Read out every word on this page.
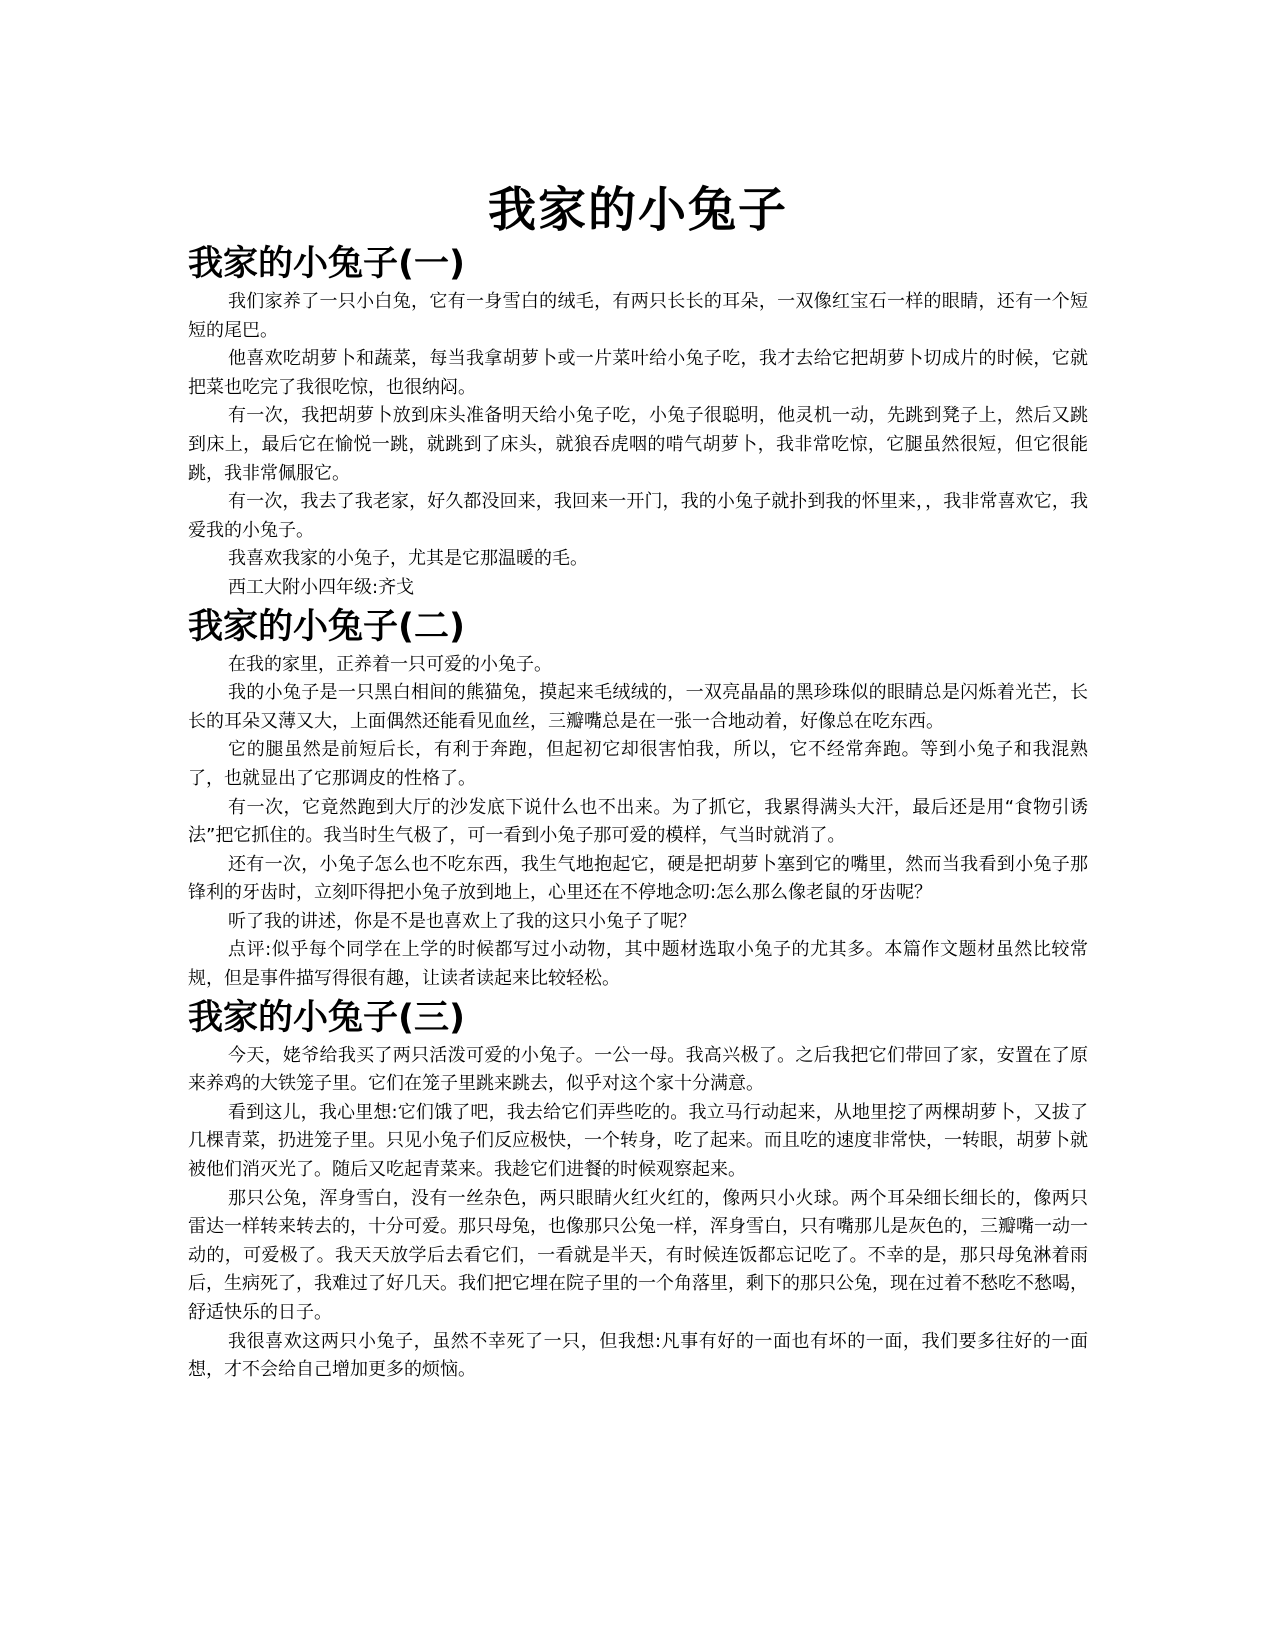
我家的小兔子
我家的小兔子(一)

我们家养了一只小白兔，它有一身雪白的绒毛，有两只长长的耳朵，一双像红宝石一样的眼睛，还有一个短短的尾巴。

他喜欢吃胡萝卜和蔬菜，每当我拿胡萝卜或一片菜叶给小兔子吃，我才去给它把胡萝卜切成片的时候，它就把菜也吃完了我很吃惊，也很纳闷。

有一次，我把胡萝卜放到床头准备明天给小兔子吃，小兔子很聪明，他灵机一动，先跳到凳子上，然后又跳到床上，最后它在愉悦一跳，就跳到了床头，就狼吞虎咽的啃气胡萝卜，我非常吃惊，它腿虽然很短，但它很能跳，我非常佩服它。

有一次，我去了我老家，好久都没回来，我回来一开门，我的小兔子就扑到我的怀里来，，我非常喜欢它，我爱我的小兔子。

我喜欢我家的小兔子，尤其是它那温暖的毛。

西工大附小四年级:齐戈

我家的小兔子(二)

在我的家里，正养着一只可爱的小兔子。

我的小兔子是一只黑白相间的熊猫兔，摸起来毛绒绒的，一双亮晶晶的黑珍珠似的眼睛总是闪烁着光芒，长长的耳朵又薄又大，上面偶然还能看见血丝，三瓣嘴总是在一张一合地动着，好像总在吃东西。

它的腿虽然是前短后长，有利于奔跑，但起初它却很害怕我，所以，它不经常奔跑。等到小兔子和我混熟了，也就显出了它那调皮的性格了。

有一次，它竟然跑到大厅的沙发底下说什么也不出来。为了抓它，我累得满头大汗，最后还是用“食物引诱法”把它抓住的。我当时生气极了，可一看到小兔子那可爱的模样，气当时就消了。

还有一次，小兔子怎么也不吃东西，我生气地抱起它，硬是把胡萝卜塞到它的嘴里，然而当我看到小兔子那锋利的牙齿时，立刻吓得把小兔子放到地上，心里还在不停地念叨:怎么那么像老鼠的牙齿呢？

听了我的讲述，你是不是也喜欢上了我的这只小兔子了呢？

点评:似乎每个同学在上学的时候都写过小动物，其中题材选取小兔子的尤其多。本篇作文题材虽然比较常规，但是事件描写得很有趣，让读者读起来比较轻松。

我家的小兔子(三)

今天，姥爷给我买了两只活泼可爱的小兔子。一公一母。我高兴极了。之后我把它们带回了家，安置在了原来养鸡的大铁笼子里。它们在笼子里跳来跳去，似乎对这个家十分满意。

看到这儿，我心里想:它们饿了吧，我去给它们弄些吃的。我立马行动起来，从地里挖了两棵胡萝卜，又拔了几棵青菜，扔进笼子里。只见小兔子们反应极快，一个转身，吃了起来。而且吃的速度非常快，一转眼，胡萝卜就被他们消灭光了。随后又吃起青菜来。我趁它们进餐的时候观察起来。

那只公兔，浑身雪白，没有一丝杂色，两只眼睛火红火红的，像两只小火球。两个耳朵细长细长的，像两只雷达一样转来转去的，十分可爱。那只母兔，也像那只公兔一样，浑身雪白，只有嘴那儿是灰色的，三瓣嘴一动一动的，可爱极了。我天天放学后去看它们，一看就是半天，有时候连饭都忘记吃了。不幸的是，那只母兔淋着雨后，生病死了，我难过了好几天。我们把它埋在院子里的一个角落里，剩下的那只公兔，现在过着不愁吃不愁喝，舒适快乐的日子。

我很喜欢这两只小兔子，虽然不幸死了一只，但我想:凡事有好的一面也有坏的一面，我们要多往好的一面想，才不会给自己增加更多的烦恼。
